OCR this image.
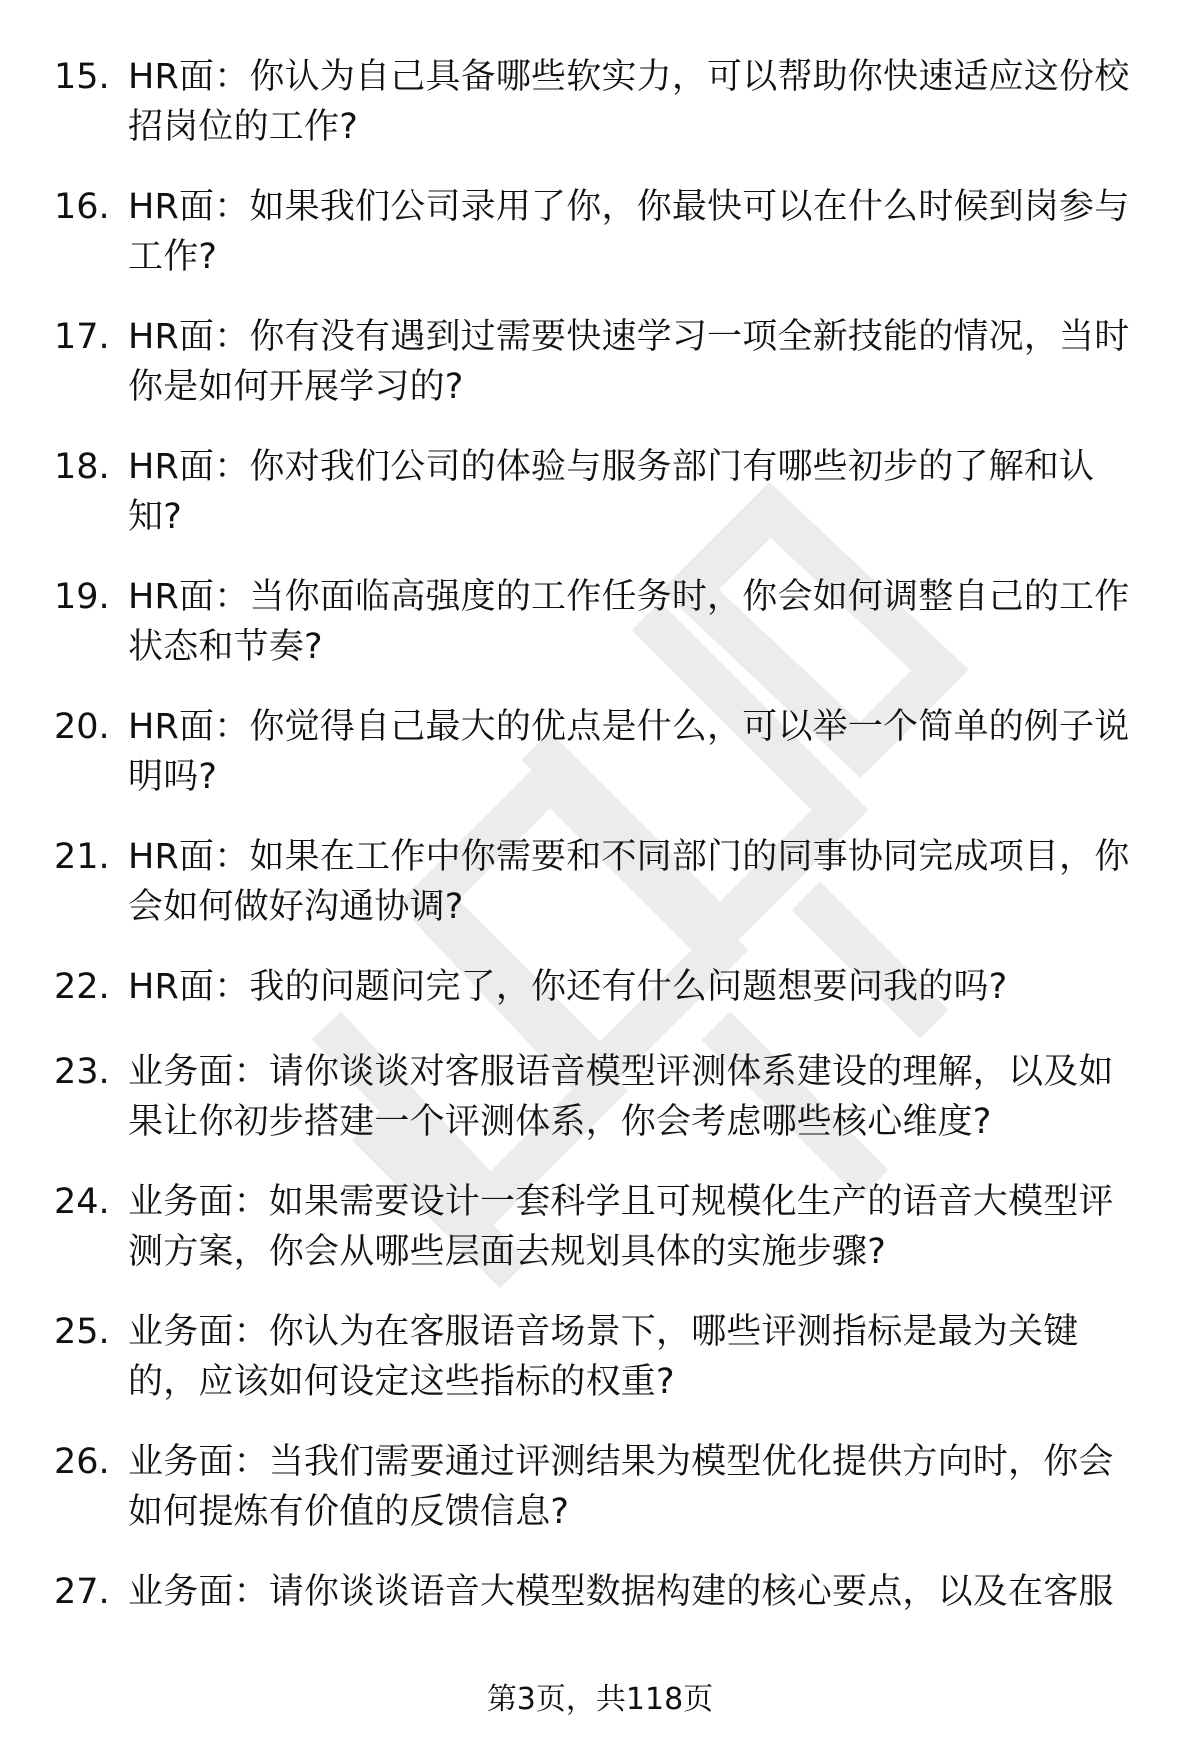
15. HR面：你认为自己具备哪些软实力，可以帮助你快速适应这份校
招岗位的工作?
16. HR面：如果我们公司录用了你，你最快可以在什么时候到岗参与
工作?
17. HR面：你有没有遇到过需要快速学习一项全新技能的情况，当时
你是如何开展学习的?
18. HR面：你对我们公司的体验与服务部门有哪些初步的了解和认
知?
19. HR面：当你面临高强度的工作任务时，你会如何调整自己的工作
状态和节奏?
20. HR面：你觉得自己最大的优点是什么，可以举一个简单的例子说
明吗?
21. HR面：如果在工作中你需要和不同部门的同事协同完成项目，你
会如何做好沟通协调?
22. HR面：我的问题问完了，你还有什么问题想要问我的吗?
23. 业务面：请你谈谈对客服语音模型评测体系建设的理解，以及如
果让你初步搭建一个评测体系，你会考虑哪些核心维度?
24. 业务面：如果需要设计一套科学且可规模化生产的语音大模型评
测方案，你会从哪些层面去规划具体的实施步骤?
25. 业务面：你认为在客服语音场景下，哪些评测指标是最为关键
的，应该如何设定这些指标的权重?
26. 业务面：当我们需要通过评测结果为模型优化提供方向时，你会
如何提炼有价值的反馈信息?
27. 业务面：请你谈谈语音大模型数据构建的核心要点，以及在客服
第3页，共118页
